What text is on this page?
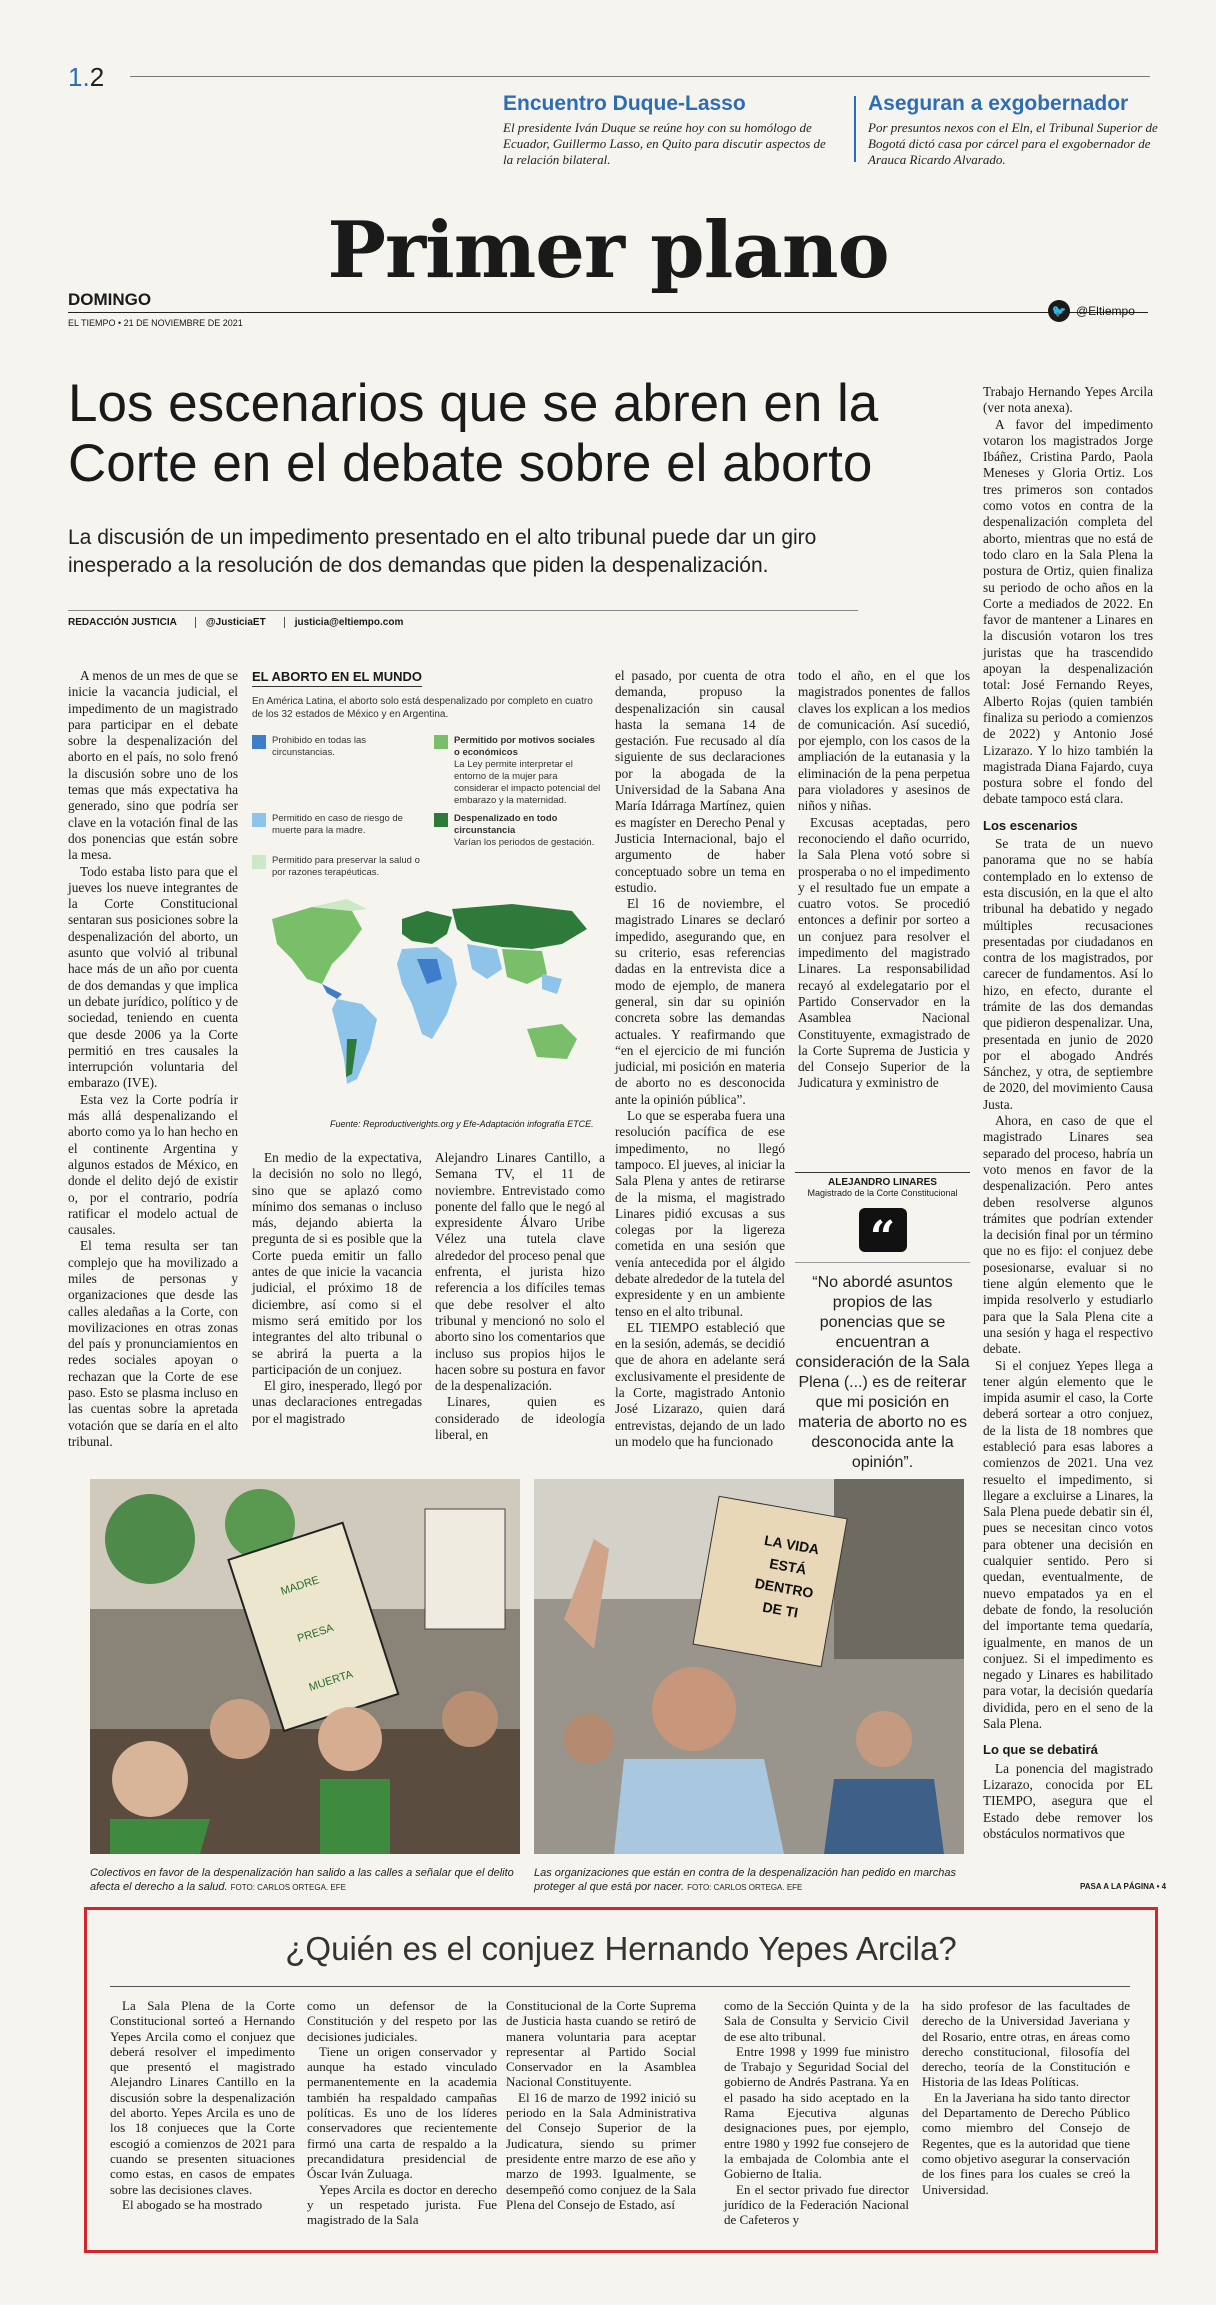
1.2
Encuentro Duque-Lasso

El presidente Iván Duque se reúne hoy con su homólogo de Ecuador, Guillermo Lasso, en Quito para discutir aspectos de la relación bilateral.

Aseguran a exgobernador

Por presuntos nexos con el Eln, el Tribunal Superior de Bogotá dictó casa por cárcel para el exgobernador de Arauca Ricardo Alvarado.

Primer plano
DOMINGO
EL TIEMPO • 21 DE NOVIEMBRE DE 2021
🐦 @Eltiempo
Los escenarios que se abren en la Corte en el debate sobre el aborto
La discusión de un impedimento presentado en el alto tribunal puede dar un giro inesperado a la resolución de dos demandas que piden la despenalización.
REDACCIÓN JUSTICIA	@JusticiaET	justicia@eltiempo.com

A menos de un mes de que se inicie la vacancia judicial, el impedimento de un magistrado para participar en el debate sobre la despenalización del aborto en el país, no solo frenó la discusión sobre uno de los temas que más expectativa ha generado, sino que podría ser clave en la votación final de las dos ponencias que están sobre la mesa.

Todo estaba listo para que el jueves los nueve integrantes de la Corte Constitucional sentaran sus posiciones sobre la despenalización del aborto, un asunto que volvió al tribunal hace más de un año por cuenta de dos demandas y que implica un debate jurídico, político y de sociedad, teniendo en cuenta que desde 2006 ya la Corte permitió en tres causales la interrupción voluntaria del embarazo (IVE).

Esta vez la Corte podría ir más allá despenalizando el aborto como ya lo han hecho en el continente Argentina y algunos estados de México, en donde el delito dejó de existir o, por el contrario, podría ratificar el modelo actual de causales.

El tema resulta ser tan complejo que ha movilizado a miles de personas y organizaciones que desde las calles aledañas a la Corte, con movilizaciones en otras zonas del país y pronunciamientos en redes sociales apoyan o rechazan que la Corte de ese paso. Esto se plasma incluso en las cuentas sobre la apretada votación que se daría en el alto tribunal.

EL ABORTO EN EL MUNDO
En América Latina, el aborto solo está despenalizado por completo en cuatro de los 32 estados de México y en Argentina.
Prohibido en todas las circunstancias.
Permitido por motivos sociales o económicos
La Ley permite interpretar el entorno de la mujer para considerar el impacto potencial del embarazo y la maternidad.
Permitido en caso de riesgo de muerte para la madre.
Despenalizado en todo circunstancia
Varían los periodos de gestación.
Permitido para preservar la salud o por razones terapéuticas.
Fuente: Reproductiverights.org y Efe-Adaptación infografía ETCE.

En medio de la expectativa, la decisión no solo no llegó, sino que se aplazó como mínimo dos semanas o incluso más, dejando abierta la pregunta de si es posible que la Corte pueda emitir un fallo antes de que inicie la vacancia judicial, el próximo 18 de diciembre, así como si el mismo será emitido por los integrantes del alto tribunal o se abrirá la puerta a la participación de un conjuez.

El giro, inesperado, llegó por unas declaraciones entregadas por el magistrado

Alejandro Linares Cantillo, a Semana TV, el 11 de noviembre. Entrevistado como ponente del fallo que le negó al expresidente Álvaro Uribe Vélez una tutela clave alrededor del proceso penal que enfrenta, el jurista hizo referencia a los difíciles temas que debe resolver el alto tribunal y mencionó no solo el aborto sino los comentarios que incluso sus propios hijos le hacen sobre su postura en favor de la despenalización.

Linares, quien es considerado de ideología liberal, en

el pasado, por cuenta de otra demanda, propuso la despenalización sin causal hasta la semana 14 de gestación. Fue recusado al día siguiente de sus declaraciones por la abogada de la Universidad de la Sabana Ana María Idárraga Martínez, quien es magíster en Derecho Penal y Justicia Internacional, bajo el argumento de haber conceptuado sobre un tema en estudio.

El 16 de noviembre, el magistrado Linares se declaró impedido, asegurando que, en su criterio, esas referencias dadas en la entrevista dice a modo de ejemplo, de manera general, sin dar su opinión concreta sobre las demandas actuales. Y reafirmando que “en el ejercicio de mi función judicial, mi posición en materia de aborto no es desconocida ante la opinión pública”.

Lo que se esperaba fuera una resolución pacífica de ese impedimento, no llegó tampoco. El jueves, al iniciar la Sala Plena y antes de retirarse de la misma, el magistrado Linares pidió excusas a sus colegas por la ligereza cometida en una sesión que venía antecedida por el álgido debate alrededor de la tutela del expresidente y en un ambiente tenso en el alto tribunal.

EL TIEMPO estableció que en la sesión, además, se decidió que de ahora en adelante será exclusivamente el presidente de la Corte, magistrado Antonio José Lizarazo, quien dará entrevistas, dejando de un lado un modelo que ha funcionado

todo el año, en el que los magistrados ponentes de fallos claves los explican a los medios de comunicación. Así sucedió, por ejemplo, con los casos de la ampliación de la eutanasia y la eliminación de la pena perpetua para violadores y asesinos de niños y niñas.

Excusas aceptadas, pero reconociendo el daño ocurrido, la Sala Plena votó sobre si prosperaba o no el impedimento y el resultado fue un empate a cuatro votos. Se procedió entonces a definir por sorteo a un conjuez para resolver el impedimento del magistrado Linares. La responsabilidad recayó al exdelegatario por el Partido Conservador en la Asamblea Nacional Constituyente, exmagistrado de la Corte Suprema de Justicia y del Consejo Superior de la Judicatura y exministro de

ALEJANDRO LINARES
Magistrado de la Corte Constitucional
“
“No abordé asuntos propios de las ponencias que se encuentran a consideración de la Sala Plena (...) es de reiterar que mi posición en materia de aborto no es desconocida ante la opinión”.

Trabajo Hernando Yepes Arcila (ver nota anexa).

A favor del impedimento votaron los magistrados Jorge Ibáñez, Cristina Pardo, Paola Meneses y Gloria Ortiz. Los tres primeros son contados como votos en contra de la despenalización completa del aborto, mientras que no está de todo claro en la Sala Plena la postura de Ortiz, quien finaliza su periodo de ocho años en la Corte a mediados de 2022. En favor de mantener a Linares en la discusión votaron los tres juristas que ha trascendido apoyan la despenalización total: José Fernando Reyes, Alberto Rojas (quien también finaliza su periodo a comienzos de 2022) y Antonio José Lizarazo. Y lo hizo también la magistrada Diana Fajardo, cuya postura sobre el fondo del debate tampoco está clara.

Los escenarios

Se trata de un nuevo panorama que no se había contemplado en lo extenso de esta discusión, en la que el alto tribunal ha debatido y negado múltiples recusaciones presentadas por ciudadanos en contra de los magistrados, por carecer de fundamentos. Así lo hizo, en efecto, durante el trámite de las dos demandas que pidieron despenalizar. Una, presentada en junio de 2020 por el abogado Andrés Sánchez, y otra, de septiembre de 2020, del movimiento Causa Justa.

Ahora, en caso de que el magistrado Linares sea separado del proceso, habría un voto menos en favor de la despenalización. Pero antes deben resolverse algunos trámites que podrían extender la decisión final por un término que no es fijo: el conjuez debe posesionarse, evaluar si no tiene algún elemento que le impida resolverlo y estudiarlo para que la Sala Plena cite a una sesión y haga el respectivo debate.

Si el conjuez Yepes llega a tener algún elemento que le impida asumir el caso, la Corte deberá sortear a otro conjuez, de la lista de 18 nombres que estableció para esas labores a comienzos de 2021. Una vez resuelto el impedimento, si llegare a excluirse a Linares, la Sala Plena puede debatir sin él, pues se necesitan cinco votos para obtener una decisión en cualquier sentido. Pero si quedan, eventualmente, de nuevo empatados ya en el debate de fondo, la resolución del importante tema quedaría, igualmente, en manos de un conjuez. Si el impedimento es negado y Linares es habilitado para votar, la decisión quedaría dividida, pero en el seno de la Sala Plena.

Lo que se debatirá

La ponencia del magistrado Lizarazo, conocida por EL TIEMPO, asegura que el Estado debe remover los obstáculos normativos que

PASA A LA PÁGINA • 4
MADRE
PRESA
MUERTA
LA VIDA
ESTÁ
DENTRO
DE TI
Colectivos en favor de la despenalización han salido a las calles a señalar que el delito afecta el derecho a la salud. FOTO: CARLOS ORTEGA. EFE
Las organizaciones que están en contra de la despenalización han pedido en marchas proteger al que está por nacer. FOTO: CARLOS ORTEGA. EFE
¿Quién es el conjuez Hernando Yepes Arcila?

La Sala Plena de la Corte Constitucional sorteó a Hernando Yepes Arcila como el conjuez que deberá resolver el impedimento que presentó el magistrado Alejandro Linares Cantillo en la discusión sobre la despenalización del aborto. Yepes Arcila es uno de los 18 conjueces que la Corte escogió a comienzos de 2021 para cuando se presenten situaciones como estas, en casos de empates sobre las decisiones claves.

El abogado se ha mostrado

como un defensor de la Constitución y del respeto por las decisiones judiciales.

Tiene un origen conservador y aunque ha estado vinculado permanentemente en la academia también ha respaldado campañas políticas. Es uno de los líderes conservadores que recientemente firmó una carta de respaldo a la precandidatura presidencial de Óscar Iván Zuluaga.

Yepes Arcila es doctor en derecho y un respetado jurista. Fue magistrado de la Sala

Constitucional de la Corte Suprema de Justicia hasta cuando se retiró de manera voluntaria para aceptar representar al Partido Social Conservador en la Asamblea Nacional Constituyente.

El 16 de marzo de 1992 inició su periodo en la Sala Administrativa del Consejo Superior de la Judicatura, siendo su primer presidente entre marzo de ese año y marzo de 1993. Igualmente, se desempeñó como conjuez de la Sala Plena del Consejo de Estado, así

como de la Sección Quinta y de la Sala de Consulta y Servicio Civil de ese alto tribunal.

Entre 1998 y 1999 fue ministro de Trabajo y Seguridad Social del gobierno de Andrés Pastrana. Ya en el pasado ha sido aceptado en la Rama Ejecutiva algunas designaciones pues, por ejemplo, entre 1980 y 1992 fue consejero de la embajada de Colombia ante el Gobierno de Italia.

En el sector privado fue director jurídico de la Federación Nacional de Cafeteros y

ha sido profesor de las facultades de derecho de la Universidad Javeriana y del Rosario, entre otras, en áreas como derecho constitucional, filosofía del derecho, teoría de la Constitución e Historia de las Ideas Políticas.

En la Javeriana ha sido tanto director del Departamento de Derecho Público como miembro del Consejo de Regentes, que es la autoridad que tiene como objetivo asegurar la conservación de los fines para los cuales se creó la Universidad.
